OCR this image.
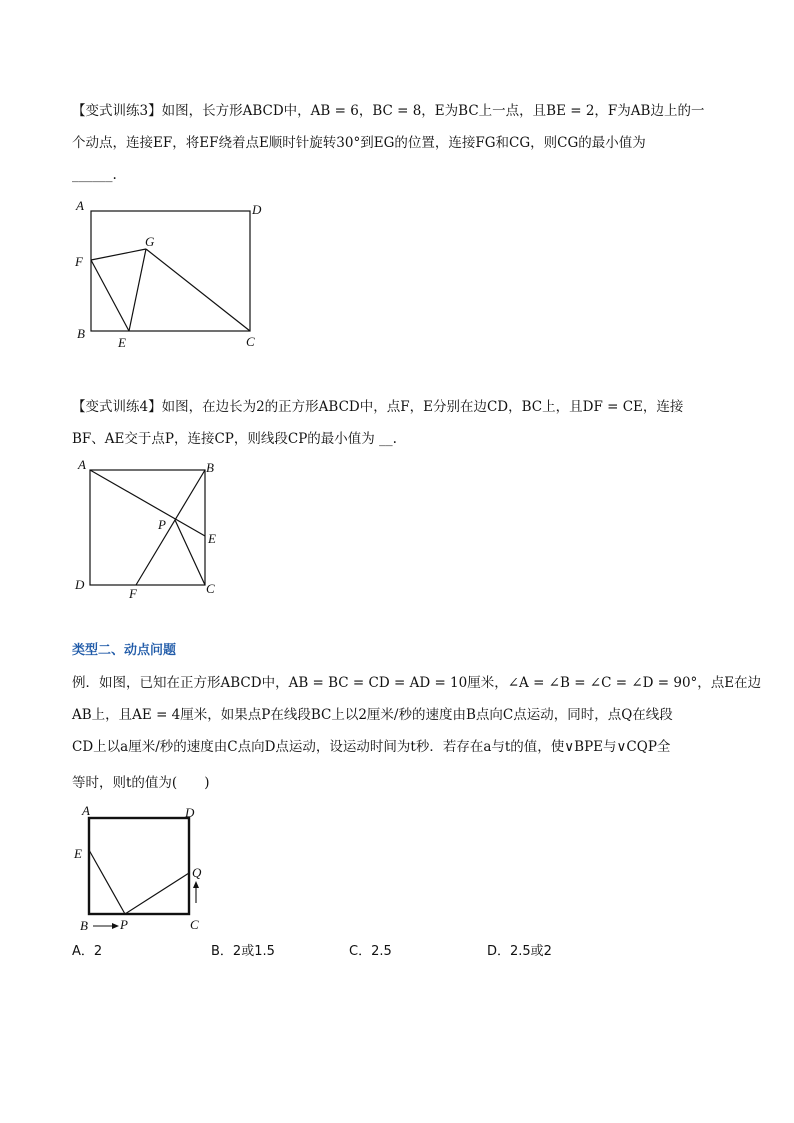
【变式训练3】如图，长方形ABCD中，AB = 6，BC = 8，E为BC上一点，且BE = 2，F为AB边上的一
个动点，连接EF，将EF绕着点E顺时针旋转30°到EG的位置，连接FG和CG，则CG的最小值为
______.
A	D
G
F
B
E	C
【变式训练4】如图，在边长为2的正方形ABCD中，点F，E分别在边CD，BC上，且DF = CE，连接
BF、AE交于点P，连接CP，则线段CP的最小值为 __.
A	B
P
E
D
F	C
类型二、动点问题
例．如图，已知在正方形ABCD中，AB = BC = CD = AD = 10厘米，∠A = ∠B = ∠C = ∠D = 90°，点E在边
AB上，且AE = 4厘米，如果点P在线段BC上以2厘米/秒的速度由B点向C点运动，同时，点Q在线段
CD上以a厘米/秒的速度由C点向D点运动，设运动时间为t秒．若存在a与t的值，使∨BPE与∨CQP全
等时，则t的值为(　　)
A	D
E
Q
B P	C
A．2	B．2或1.5	C．2.5	D．2.5或2
